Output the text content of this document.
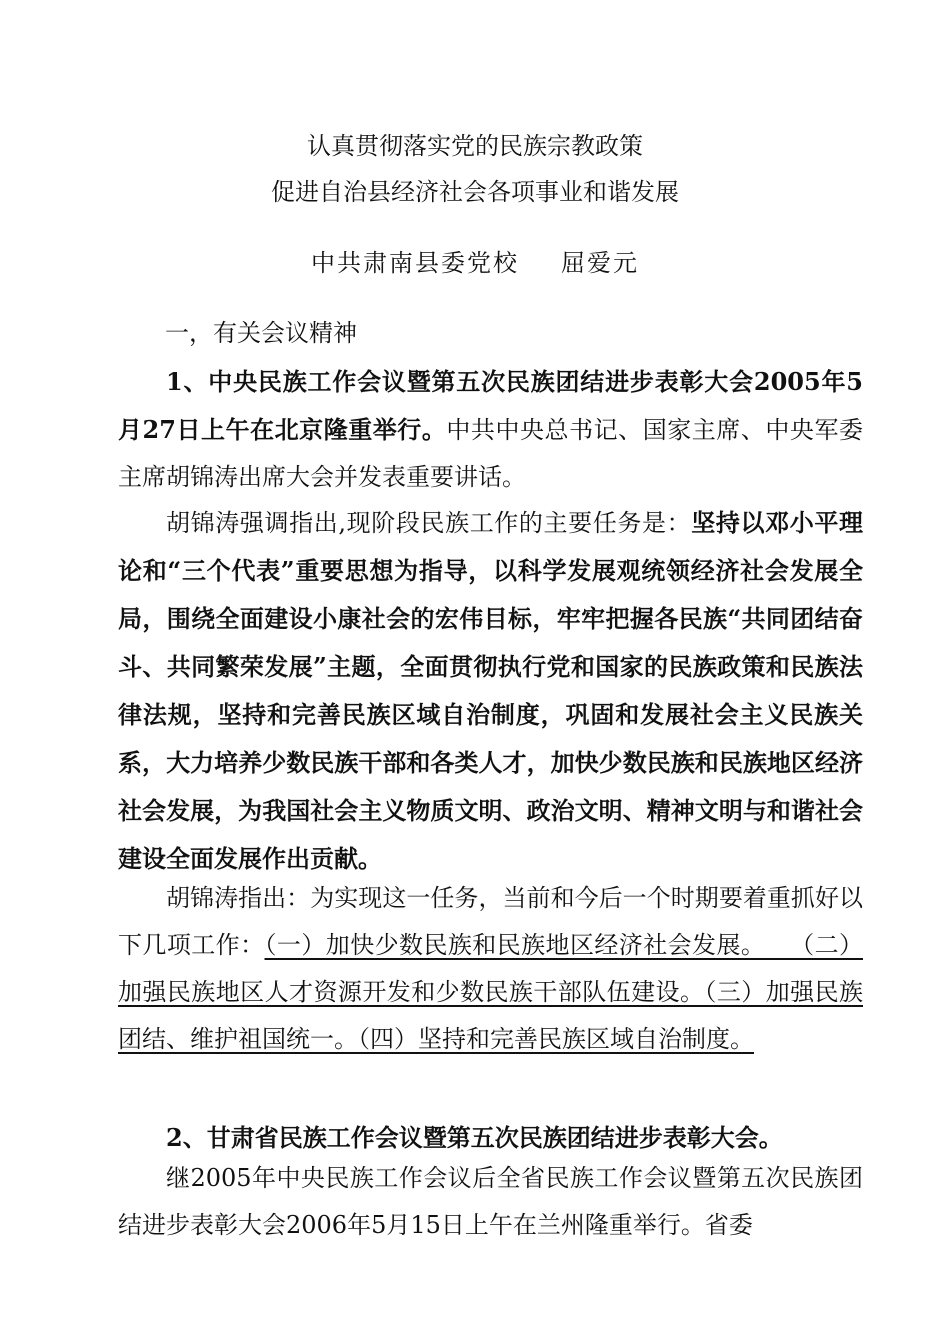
认真贯彻落实党的民族宗教政策
促进自治县经济社会各项事业和谐发展
中共肃南县委党校 屈爱元
一，有关会议精神

1、中央民族工作会议暨第五次民族团结进步表彰大会2005年5月27日上午在北京隆重举行。中共中央总书记、国家主席、中央军委主席胡锦涛出席大会并发表重要讲话。

胡锦涛强调指出,现阶段民族工作的主要任务是：坚持以邓小平理论和“三个代表”重要思想为指导，以科学发展观统领经济社会发展全局，围绕全面建设小康社会的宏伟目标，牢牢把握各民族“共同团结奋斗、共同繁荣发展”主题，全面贯彻执行党和国家的民族政策和民族法律法规，坚持和完善民族区域自治制度，巩固和发展社会主义民族关系，大力培养少数民族干部和各类人才，加快少数民族和民族地区经济社会发展，为我国社会主义物质文明、政治文明、精神文明与和谐社会建设全面发展作出贡献。

胡锦涛指出：为实现这一任务，当前和今后一个时期要着重抓好以下几项工作：（一）加快少数民族和民族地区经济社会发展。　　（二）加强民族地区人才资源开发和少数民族干部队伍建设。（三）加强民族团结、维护祖国统一。（四）坚持和完善民族区域自治制度。

2、甘肃省民族工作会议暨第五次民族团结进步表彰大会。

继2005年中央民族工作会议后全省民族工作会议暨第五次民族团结进步表彰大会2006年5月15日上午在兰州隆重举行。省委
